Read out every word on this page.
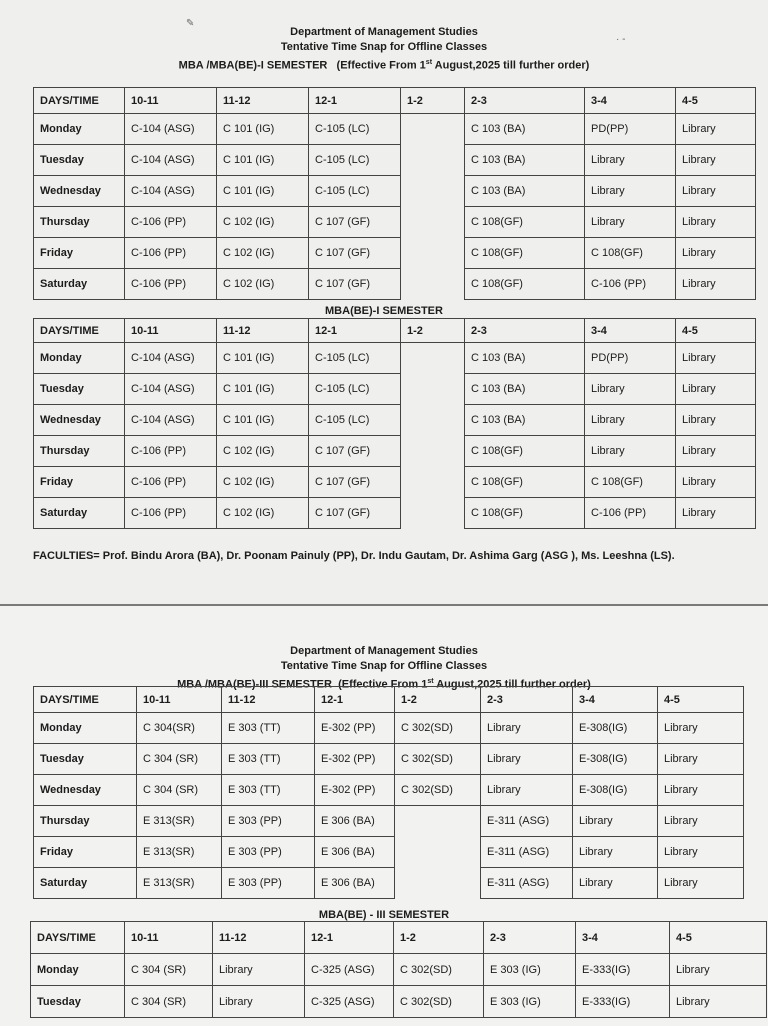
✎
· -
Department of Management Studies
Tentative Time Snap for Offline Classes
MBA /MBA(BE)-I SEMESTER   (Effective From 1st August,2025 till further order)
DAYS/TIME	10-11	11-12	12-1	1-2	2-3	3-4	4-5
Monday	C-104 (ASG)	C 101 (IG)	C-105 (LC)		C 103 (BA)	PD(PP)	Library
Tuesday	C-104 (ASG)	C 101 (IG)	C-105 (LC)		C 103 (BA)	Library	Library
Wednesday	C-104 (ASG)	C 101 (IG)	C-105 (LC)		C 103 (BA)	Library	Library
Thursday	C-106 (PP)	C 102 (IG)	C 107 (GF)		C 108(GF)	Library	Library
Friday	C-106 (PP)	C 102 (IG)	C 107 (GF)		C 108(GF)	C 108(GF)	Library
Saturday	C-106 (PP)	C 102 (IG)	C 107 (GF)		C 108(GF)	C-106 (PP)	Library
MBA(BE)-I SEMESTER
DAYS/TIME	10-11	11-12	12-1	1-2	2-3	3-4	4-5
Monday	C-104 (ASG)	C 101 (IG)	C-105 (LC)		C 103 (BA)	PD(PP)	Library
Tuesday	C-104 (ASG)	C 101 (IG)	C-105 (LC)		C 103 (BA)	Library	Library
Wednesday	C-104 (ASG)	C 101 (IG)	C-105 (LC)		C 103 (BA)	Library	Library
Thursday	C-106 (PP)	C 102 (IG)	C 107 (GF)		C 108(GF)	Library	Library
Friday	C-106 (PP)	C 102 (IG)	C 107 (GF)		C 108(GF)	C 108(GF)	Library
Saturday	C-106 (PP)	C 102 (IG)	C 107 (GF)		C 108(GF)	C-106 (PP)	Library
FACULTIES= Prof. Bindu Arora (BA), Dr. Poonam Painuly (PP), Dr. Indu Gautam, Dr. Ashima Garg (ASG ), Ms. Leeshna (LS).
Department of Management Studies
Tentative Time Snap for Offline Classes
MBA /MBA(BE)-III SEMESTER  (Effective From 1st August,2025 till further order)
DAYS/TIME	10-11	11-12	12-1	1-2	2-3	3-4	4-5
Monday	C 304(SR)	E 303 (TT)	E-302 (PP)	C 302(SD)	Library	E-308(IG)	Library
Tuesday	C 304 (SR)	E 303 (TT)	E-302 (PP)	C 302(SD)	Library	E-308(IG)	Library
Wednesday	C 304 (SR)	E 303 (TT)	E-302 (PP)	C 302(SD)	Library	E-308(IG)	Library
Thursday	E 313(SR)	E 303 (PP)	E 306 (BA)		E-311 (ASG)	Library	Library
Friday	E 313(SR)	E 303 (PP)	E 306 (BA)		E-311 (ASG)	Library	Library
Saturday	E 313(SR)	E 303 (PP)	E 306 (BA)		E-311 (ASG)	Library	Library
MBA(BE) - III SEMESTER
DAYS/TIME	10-11	11-12	12-1	1-2	2-3	3-4	4-5
Monday	C 304 (SR)	Library	C-325 (ASG)	C 302(SD)	E 303 (IG)	E-333(IG)	Library
Tuesday	C 304 (SR)	Library	C-325 (ASG)	C 302(SD)	E 303 (IG)	E-333(IG)	Library
